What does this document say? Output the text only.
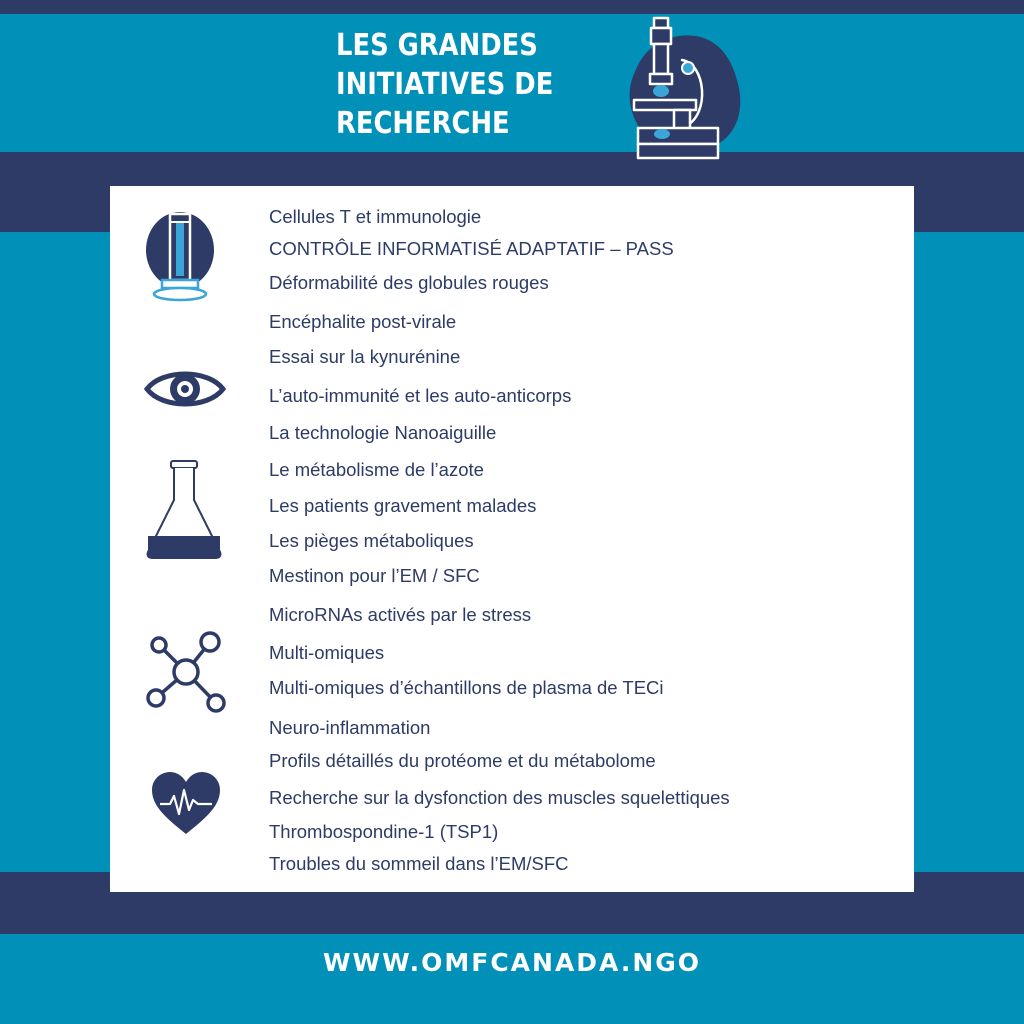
LES GRANDES
INITIATIVES DE
RECHERCHE
Cellules T et immunologie
CONTRÔLE INFORMATISÉ ADAPTATIF – PASS
Déformabilité des globules rouges
Encéphalite post-virale
Essai sur la kynurénine
L’auto-immunité et les auto-anticorps
La technologie Nanoaiguille
Le métabolisme de l’azote
Les patients gravement malades
Les pièges métaboliques
Mestinon pour l’EM / SFC
MicroRNAs activés par le stress
Multi-omiques
Multi-omiques d’échantillons de plasma de TECi
Neuro-inflammation
Profils détaillés du protéome et du métabolome
Recherche sur la dysfonction des muscles squelettiques
Thrombospondine-1 (TSP1)
Troubles du sommeil dans l’EM/SFC
WWW.OMFCANADA.NGO
